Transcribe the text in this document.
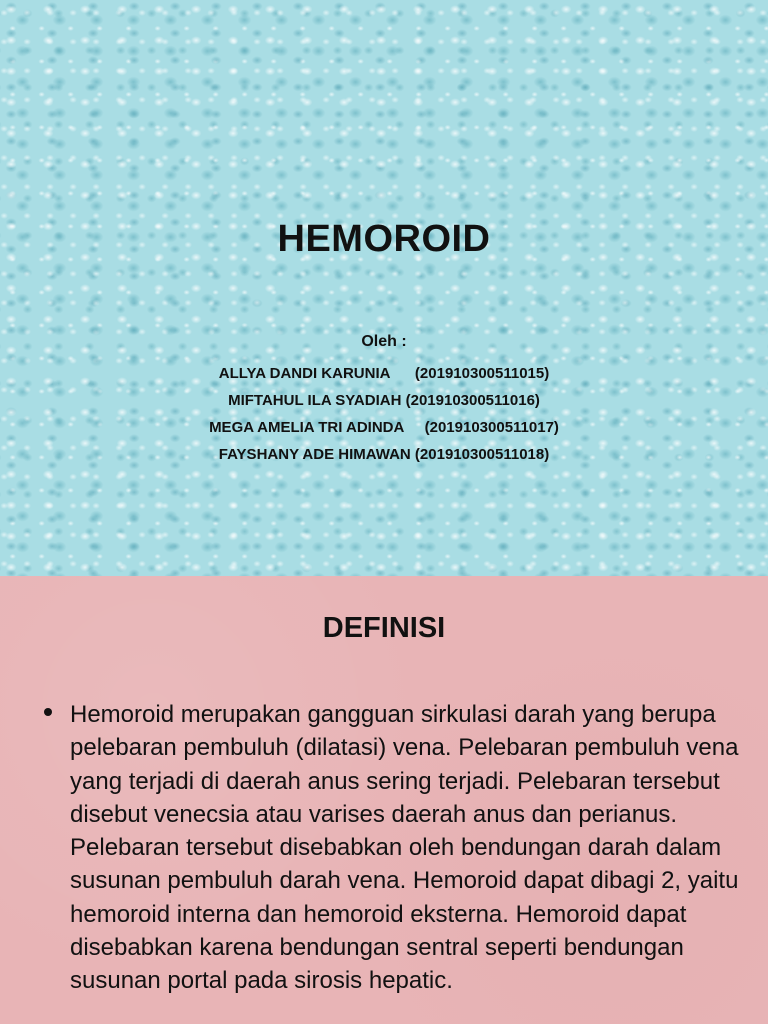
HEMOROID
Oleh :
ALLYA DANDI KARUNIA (201910300511015)
MIFTAHUL ILA SYADIAH (201910300511016)
MEGA AMELIA TRI ADINDA (201910300511017)
FAYSHANY ADE HIMAWAN (201910300511018)
DEFINISI
Hemoroid merupakan gangguan sirkulasi darah yang berupa pelebaran pembuluh (dilatasi) vena. Pelebaran pembuluh vena yang terjadi di daerah anus sering terjadi. Pelebaran tersebut disebut venecsia atau varises daerah anus dan perianus. Pelebaran tersebut disebabkan oleh bendungan darah dalam susunan pembuluh darah vena. Hemoroid dapat dibagi 2, yaitu hemoroid interna dan hemoroid eksterna. Hemoroid dapat disebabkan karena bendungan sentral seperti bendungan susunan portal pada sirosis hepatic.
